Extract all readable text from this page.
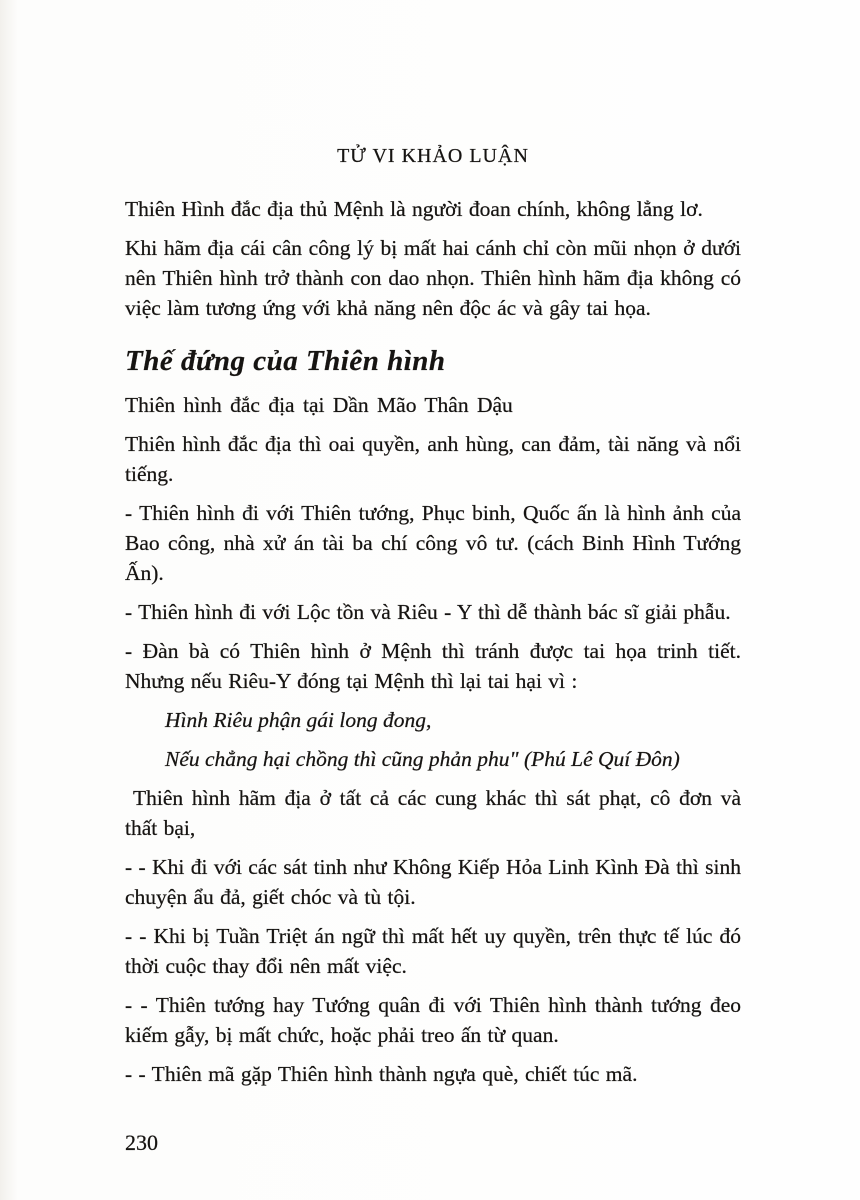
TỬ VI KHẢO LUẬN

Thiên Hình đắc địa thủ Mệnh là người đoan chính, không lẳng lơ.

Khi hãm địa cái cân công lý bị mất hai cánh chỉ còn mũi nhọn ở dưới nên Thiên hình trở thành con dao nhọn. Thiên hình hãm địa không có việc làm tương ứng với khả năng nên độc ác và gây tai họa.

Thế đứng của Thiên hình

Thiên hình đắc địa tại Dần Mão Thân Dậu

Thiên hình đắc địa thì oai quyền, anh hùng, can đảm, tài năng và nổi tiếng.

- Thiên hình đi với Thiên tướng, Phục binh, Quốc ấn là hình ảnh của Bao công, nhà xử án tài ba chí công vô tư. (cách Binh Hình Tướng Ấn).

- Thiên hình đi với Lộc tồn và Riêu - Y thì dễ thành bác sĩ giải phẫu.

- Đàn bà có Thiên hình ở Mệnh thì tránh được tai họa trinh tiết. Nhưng nếu Riêu-Y đóng tại Mệnh thì lại tai hại vì :

Hình Riêu phận gái long đong,

Nếu chẳng hại chồng thì cũng phản phu" (Phú Lê Quí Đôn)

Thiên hình hãm địa ở tất cả các cung khác thì sát phạt, cô đơn và thất bại,

- - Khi đi với các sát tinh như Không Kiếp Hỏa Linh Kình Đà thì sinh chuyện ẩu đả, giết chóc và tù tội.

- - Khi bị Tuần Triệt án ngữ thì mất hết uy quyền, trên thực tế lúc đó thời cuộc thay đổi nên mất việc.

- - Thiên tướng hay Tướng quân đi với Thiên hình thành tướng đeo kiếm gẫy, bị mất chức, hoặc phải treo ấn từ quan.

- - Thiên mã gặp Thiên hình thành ngựa què, chiết túc mã.

230
